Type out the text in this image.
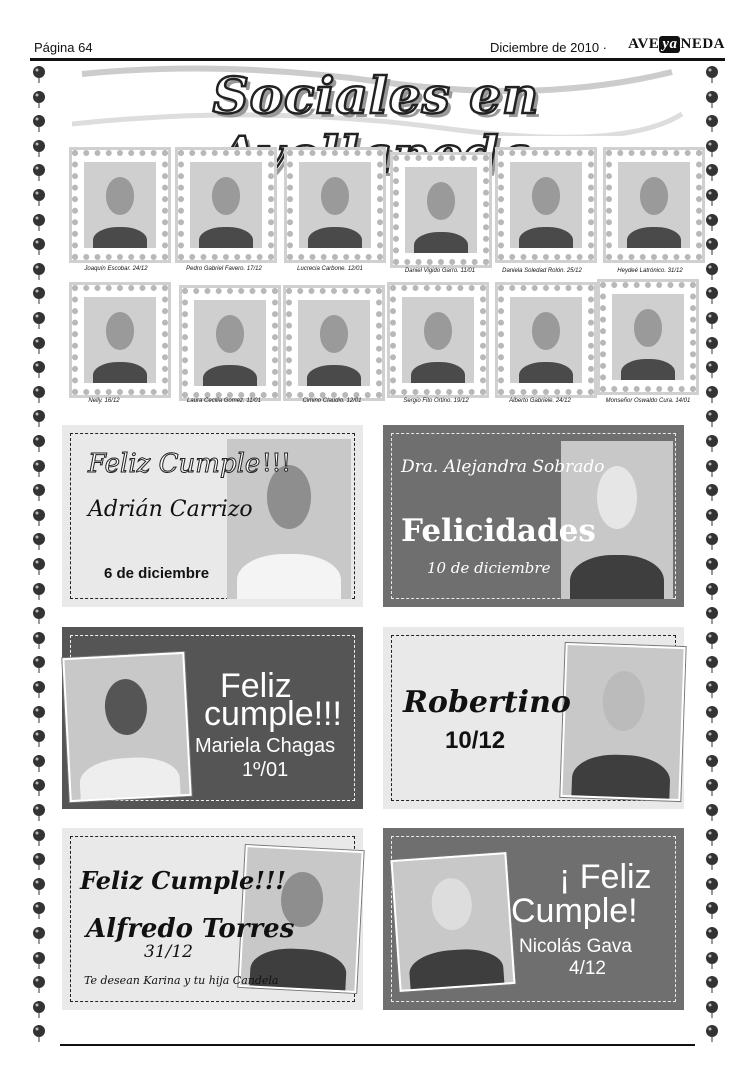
Página 64	Diciembre de 2010 · AVE ya NEDA
Sociales en
Joaquín Escobar. 24/12	Pedro Gabriel Favero. 17/12	Lucrecia Carbone. 12/01	Daniel Vigido Garro. 11/01	Daniela Soledad Rolón. 25/12	Heydeé Latrónico. 31/12
Nelly. 16/12	Laura Cecilia Gomez. 11/01	Cimino Claudio. 12/01	Sergio Fito Ortino. 19/12	Alberto Gabriele. 24/12	Monseñor Oswaldo Cura. 14/01
Feliz Cumple !!!
Adrián Carrizo
6 de diciembre
Dra. Alejandra Sobrado
Felicidades
10 de diciembre
Feliz
cumple!!!
Mariela Chagas
1º/01
Robertino
10/12
Feliz Cumple!!!
Alfredo Torres
31/12
Te desean Karina y tu hija Candela
¡ Feliz
Cumple!
Nicolás Gava
4/12
